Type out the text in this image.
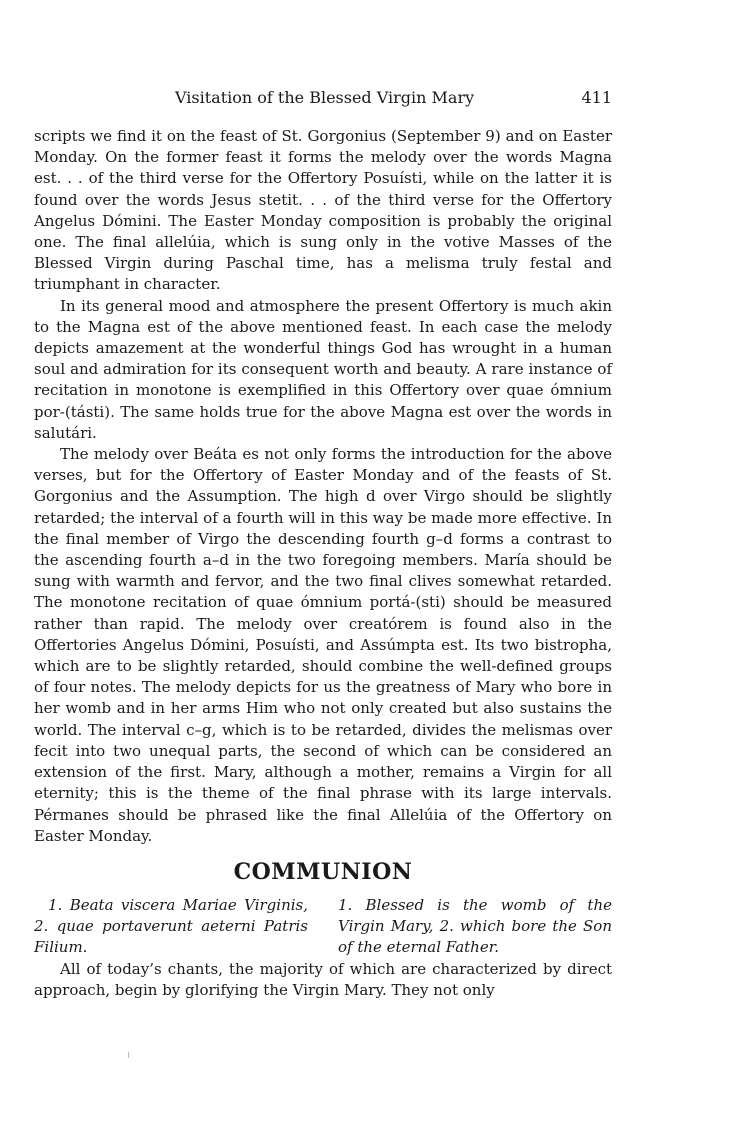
Visitation of the Blessed Virgin Mary	411

scripts we find it on the feast of St. Gorgonius (September 9) and on Easter Monday. On the former feast it forms the melody over the words Magna est. . . of the third verse for the Offertory Posuísti, while on the latter it is found over the words Jesus stetit. . . of the third verse for the Offertory Angelus Dómini. The Easter Monday composition is probably the original one. The final allelúia, which is sung only in the votive Masses of the Blessed Virgin during Paschal time, has a melisma truly festal and triumphant in character.

In its general mood and atmosphere the present Offertory is much akin to the Magna est of the above mentioned feast. In each case the melody depicts amazement at the wonderful things God has wrought in a human soul and admiration for its consequent worth and beauty. A rare instance of recitation in monotone is exemplified in this Offertory over quae ómnium por-(tásti). The same holds true for the above Magna est over the words in salutári.

The melody over Beáta es not only forms the introduction for the above verses, but for the Offertory of Easter Monday and of the feasts of St. Gorgonius and the Assumption. The high d over Virgo should be slightly retarded; the interval of a fourth will in this way be made more effective. In the final member of Virgo the descending fourth g–d forms a contrast to the ascending fourth a–d in the two foregoing members. María should be sung with warmth and fervor, and the two final clives somewhat retarded. The monotone recitation of quae ómnium portá-(sti) should be measured rather than rapid. The melody over creatórem is found also in the Offertories Angelus Dómini, Posuísti, and Assúmpta est. Its two bistropha, which are to be slightly retarded, should combine the well-defined groups of four notes. The melody depicts for us the greatness of Mary who bore in her womb and in her arms Him who not only created but also sustains the world. The interval c–g, which is to be retarded, divides the melismas over fecit into two unequal parts, the second of which can be considered an extension of the first. Mary, although a mother, remains a Virgin for all eternity; this is the theme of the final phrase with its large intervals. Pérmanes should be phrased like the final Allelúia of the Offertory on Easter Monday.

COMMUNION
1. Beata viscera Mariae Virginis, 2. quae portaverunt aeterni Patris Filium.
1. Blessed is the womb of the Virgin Mary, 2. which bore the Son of the eternal Father.

All of today’s chants, the majority of which are characterized by direct approach, begin by glorifying the Virgin Mary. They not only
